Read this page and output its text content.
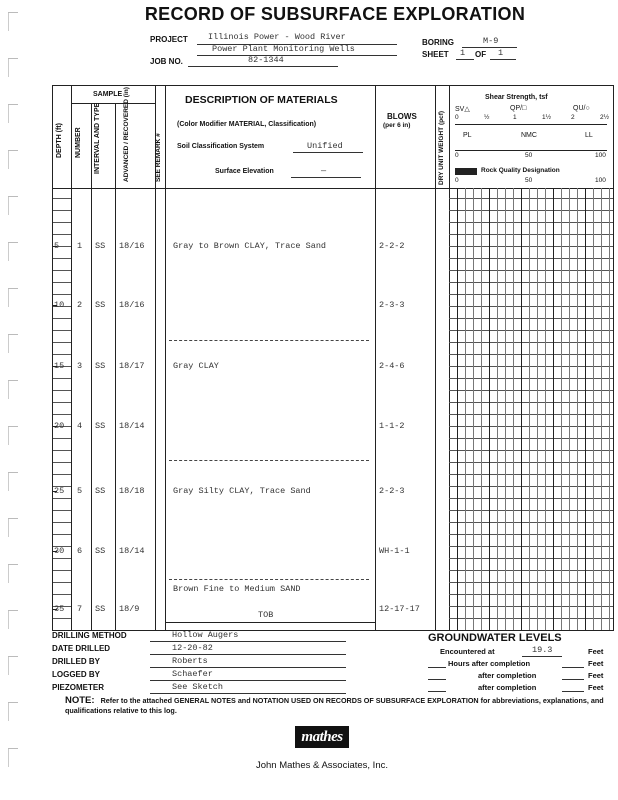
RECORD OF SUBSURFACE EXPLORATION
PROJECT Illinois Power - Wood River
Power Plant Monitoring Wells
JOB NO.	82-1344
BORING	M-9
SHEET 1 OF 1
SAMPLE
DEPTH (ft) NUMBER INTERVAL AND TYPE	ADVANCED / RECOVERED (in)	SEE REMARK #
DESCRIPTION OF MATERIALS
(Color Modifier MATERIAL, Classification)
Soil Classification System	Unified
Surface Elevation	—
BLOWS
(per 6 in)	DRY UNIT WEIGHT (pcf)
Shear Strength, tsf
SV△	QP/□	QU/○
0	½	1	1½	2	2½
PL	NMC	LL
0	50	100
Rock Quality Designation
0	50	100
5 1 SS 18/16	Gray to Brown CLAY, Trace Sand	2-2-2
10 2 SS 18/16	2-3-3
15 3 SS 18/17	Gray CLAY	2-4-6
20 4 SS 18/14	1-1-2
25 5 SS 18/18	Gray Silty CLAY, Trace Sand	2-2-3
30 6 SS 18/14	WH-1-1
35 7 SS 18/9	12-17-17
Brown Fine to Medium SAND
TOB
DRILLING METHOD	Hollow Augers
DATE DRILLED	12-20-82
DRILLED BY	Roberts
LOGGED BY	Schaefer
PIEZOMETER	See Sketch
GROUNDWATER LEVELS
Encountered at	19.3	Feet
Hours after completion	Feet
after completion	Feet
after completion	Feet
NOTE: Refer to the attached GENERAL NOTES and NOTATION USED ON RECORDS OF SUBSURFACE EXPLORATION for abbreviations, explanations, and qualifications relative to this log.
mathes
John Mathes & Associates, Inc.
